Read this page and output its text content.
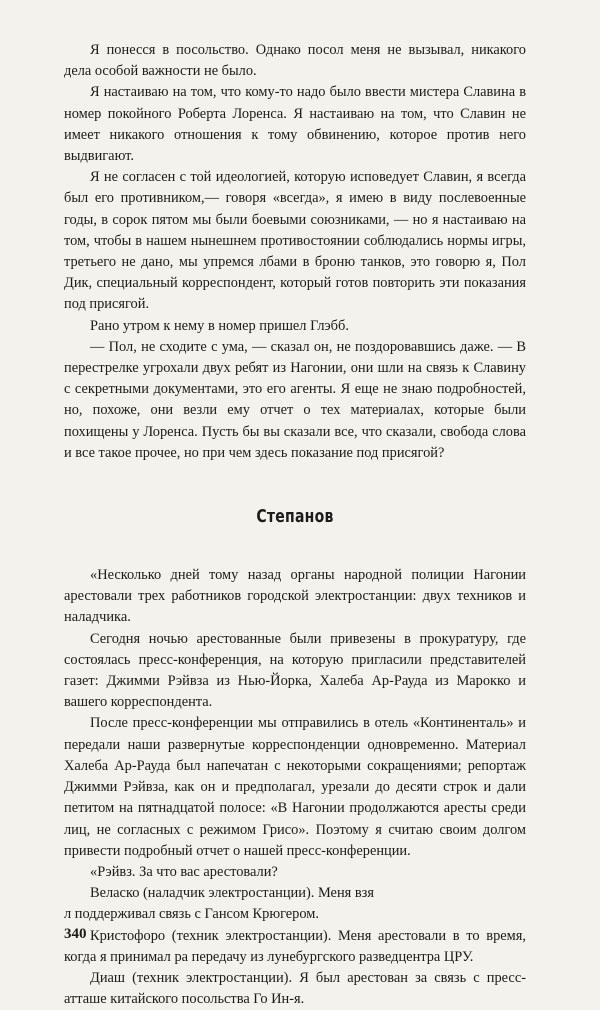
Я понесся в посольство. Однако посол меня не вызывал, никакого дела особой важности не было.

Я настаиваю на том, что кому-то надо было ввести мистера Славина в номер покойного Роберта Лоренса. Я настаиваю на том, что Славин не имеет никакого отношения к тому обвинению, которое против него выдвигают.

Я не согласен с той идеологией, которую исповедует Славин, я всегда был его противником,— говоря «всегда», я имею в виду послевоенные годы, в сорок пятом мы были боевыми союзниками, — но я настаиваю на том, чтобы в нашем нынешнем противостоянии соблюдались нормы игры, третьего не дано, мы упремся лбами в броню танков, это говорю я, Пол Дик, специальный корреспондент, который готов повторить эти показания под присягой.

Рано утром к нему в номер пришел Глэбб.

— Пол, не сходите с ума, — сказал он, не поздоровавшись даже. — В перестрелке угрохали двух ребят из Нагонии, они шли на связь к Славину с секретными документами, это его агенты. Я еще не знаю подробностей, но, похоже, они везли ему отчет о тех материалах, которые были похищены у Лоренса. Пусть бы вы сказали все, что сказали, свобода слова и все такое прочее, но при чем здесь показание под присягой?

Степанов

«Несколько дней тому назад органы народной полиции Нагонии арестовали трех работников городской электростанции: двух техников и наладчика.

Сегодня ночью арестованные были привезены в прокуратуру, где состоялась пресс-конференция, на которую пригласили представителей газет: Джимми Рэйвза из Нью-Йорка, Халеба Ар-Рауда из Марокко и вашего корреспондента.

После пресс-конференции мы отправились в отель «Континенталь» и передали наши развернутые корреспонденции одновременно. Материал Халеба Ар-Рауда был напечатан с некоторыми сокращениями; репортаж Джимми Рэйвза, как он и предполагал, урезали до десяти строк и дали петитом на пятнадцатой полосе: «В Нагонии продолжаются аресты среди лиц, не согласных с режимом Грисо». Поэтому я считаю своим долгом привести подробный отчет о нашей пресс-конференции.

«Рэйвз. За что вас арестовали?

Веласко (наладчик электростанции). Меня взя

л поддерживал связь с Гансом Крюгером.

Кристофоро (техник электростанции). Меня арестовали в то время, когда я принимал ра передачу из лунебургского разведцентра ЦРУ.

Диаш (техник электростанции). Я был арестован за связь с пресс-атташе китайского посольства Го Ин-я.

340
